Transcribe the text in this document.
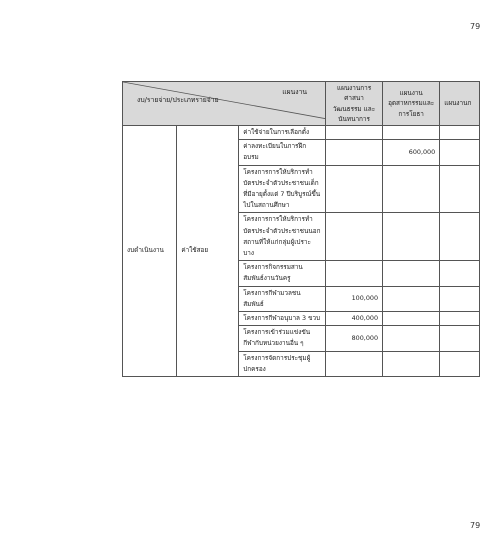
79
แผนงาน
งบ/รายจ่าย/ประเภทรายจ่าย			แผนงานการศาสนา วัฒนธรรม และนันทนาการ	แผนงาน อุตสาหกรรมและการโยธา	แผนงานก
งบดำเนินงาน	ค่าใช้สอย	ค่าใช้จ่ายในการเลือกตั้ง			
		ค่าลงทะเบียนในการฝึกอบรม		600,000	
		โครงการการให้บริการทำบัตรประจำตัวประชาชนเด็กที่มีอายุตั้งแต่ 7 ปีบริบูรณ์ขึ้นไปในสถานศึกษา			
		โครงการการให้บริการทำบัตรประจำตัวประชาชนนอกสถานที่ให้แก่กลุ่มผู้เปราะบาง			
		โครงการกิจกรรมสานสัมพันธ์งานวันครู			
		โครงการกีฬามวลชนสัมพันธ์	100,000		
		โครงการกีฬาอนุบาล 3 ขวบ	400,000		
		โครงการเข้าร่วมแข่งขันกีฬากับหน่วยงานอื่น ๆ	800,000		
		โครงการจัดการประชุมผู้ปกครอง			
79
